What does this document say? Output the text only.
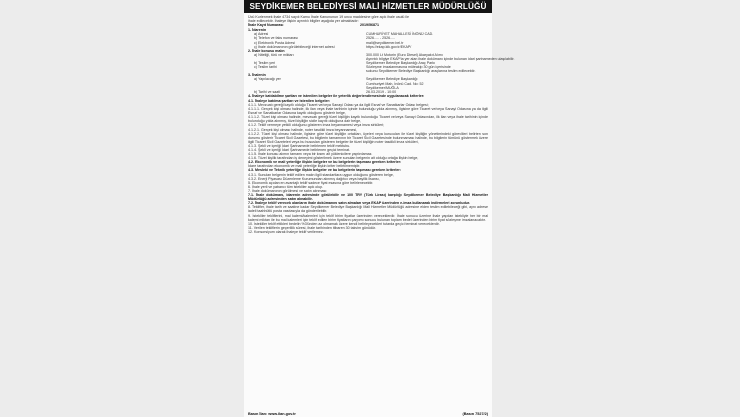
SEYDİKEMER BELEDİYESİ MALİ HİZMETLER MÜDÜRLÜĞÜ
Ücü Kurlenmek ihale 4734 sayılı Kamu İhale Kanununun 19 uncu maddesine göre açık ihale usulü ile
ihale edilecektir. İhaleye ilişkin ayrıntılı bilgiler aşağıda yer almaktadır:
İhale Kayıt Numarası	2019/56871
1- İdarenin
a) Adresi	CUMHURİYET MAHALLESİ İNÖNÜ CAD.
b) Telefon ve faks numarası	2526..... - 2526.....
c) Elektronik Posta Adresi	mali@seydikemer.bel.tr
ç) İhale dokümanının görülebileceği internet adresi	https://ekap.kik.gov.tr/EKAP/
2- İhale konusu malın
a) Niteliği, türü ve miktarı	300.000 Lt Motorin (Euro Diesel) Akaryakıt Alımı
Ayrıntılı bilgiye EKAP'ta yer alan ihale dokümanı içinde bulunan idari şartnameden ulaşılabilir.
b) Teslim yeri	Seydikemer Belediye Başkanlığı Araç Parkı
c) Teslim tarihi	Sözleşme imzalanmasına müteakip 30 gün içerisinde
sukunu Seydikemer Belediye Başkanlığı araçlarına teslim edilecektir.
3- İhalenin
a) Yapılacağı yer	Seydikemer Belediye Başkanlığı
Cumhuriyet Mah. İnönü Cad. No: 52
Seydikemer/MUĞLA
b) Tarihi ve saati	26.03.2019 - 10:00
4- İhaleye katılabilme şartları ve istenilen belgeler ile yeterlik değerlendirmesinde uygulanacak kriterler:
4.1. İhaleye katılma şartları ve istenilen belgeler:
4.1.1. Mevzuatı gereği kayıtlı olduğu Ticaret ve/veya Sanayi Odası ya da ilgili Esnaf ve Sanatkarlar Odası belgesi;
4.1.1.1. Gerçek kişi olması halinde, ilk ilan veya ihale tarihinin içinde bulunduğu yılda alınmış, ilgisine göre Ticaret ve/veya Sanayi Odasına ya da ilgili Esnaf ve Sanatkarlar Odasına kayıtlı olduğunu gösterir belge,
4.1.1.2. Tüzel kişi olması halinde, mevzuatı gereği tüzel kişiliğin kayıtlı bulunduğu Ticaret ve/veya Sanayi Odasından, ilk ilan veya ihale tarihinin içinde bulunduğu yılda alınmış, tüzel kişiliğin sicile kayıtlı olduğuna dair belge,
4.1.2. Teklif vermeye yetkili olduğunu gösteren imza beyannamesi veya imza sirküleri;
4.1.2.1. Gerçek kişi olması halinde, noter tasdikli imza beyannamesi,
4.1.2.2. Tüzel kişi olması halinde, ilgisine göre tüzel kişiliğin ortakları, üyeleri veya kurucuları ile tüzel kişiliğin yönetimindeki görevlileri belirten son durumu gösterir Ticaret Sicil Gazetesi, bu bilgilerin tamamının bir Ticaret Sicil Gazetesinde bulunmaması halinde, bu bilgilerin tümünü göstermek üzere ilgili Ticaret Sicil Gazeteleri veya bu hususları gösteren belgeler ile tüzel kişiliğin noter tasdikli imza sirküleri,
4.1.3. Şekli ve içeriği İdari Şartnamede belirlenen teklif mektubu.
4.1.4. Şekli ve içeriği İdari Şartnamede belirlenen geçici teminat.
4.1.5. İhale konusu alımın tamamı veya bir kısmı alt yüklenicilere yaptırılamaz.
4.1.6. Tüzel kişilik tarafından iş deneyimi gösterilmek üzere sunulan belgenin ait olduğu ortağa ilişkin belge,
4.2. Ekonomik ve mali yeterliğe ilişkin belgeler ve bu belgelerin taşıması gereken kriterler:
İdare tarafından ekonomik ve mali yeterliğe ilişkin kriter belirtilmemiştir.
4.3. Mesleki ve Teknik yeterliğe ilişkin belgeler ve bu belgelerin taşıması gereken kriterler:
4.3.1. Sunulan belgenin teklif edilen malın ilgili standartlara uygun olduğunu gösteren belge,
4.3.2. Enerji Piyasası Düzenleme Kurumundan alınmış dağıtıcı veya bayilik lisansı,
5. Ekonomik açıdan en avantajlı teklif sadece fiyat esasına göre belirlenecektir.
6. İhale yerli ve yabancı tüm istekliler açık olup.
7. İhale dokümanının görülmesi ve satın alınması:
7.1. İhale dokümanı, idarenin adresinde görülebilir ve 100 TRY (Türk Lirası) karşılığı Seydikemer Belediye Başkanlığı Mali Hizmetler Müdürlüğü adresinden satın alınabilir.
7.2. İhaleye teklif verecek olanların ihale dokümanını satın almaları veya EKAP üzerinden e-imza kullanarak indirmeleri zorunludur.
8. Teklifler, ihale tarih ve saatine kadar Seydikemer Belediye Başkanlığı Mali Hizmetler Müdürlüğü adresine elden teslim edilebileceği gibi, aynı adrese iadeli taahhütlü posta vasıtasıyla da gönderilebilir.
9. İstekliler tekliflerini, mal kalemi/kalemleri için teklif birim fiyatlar üzerinden vereceklerdir. İhale sonucu üzerine ihale yapılan istekliyle her bir mal kalemi miktarı ile bu mal kalemleri için teklif edilen birim fiyatların çarpımı sonucu bulunan toplam bedel üzerinden birim fiyat sözleşme imzalanacaktır.
10. İstekliler teklif ettikleri bedelin %3'ünden az olmamak üzere kendi belirleyecekleri tutarda geçici teminat vereceklerdir.
11. Verilen tekliflerin geçerlilik süresi, ihale tarihinden itibaren 30 takvim günüdür.
12. Konsorsiyum olarak ihaleye teklif verilemez.
Basın İlan: www.ilan.gov.tr	(Basın 7527/2)
